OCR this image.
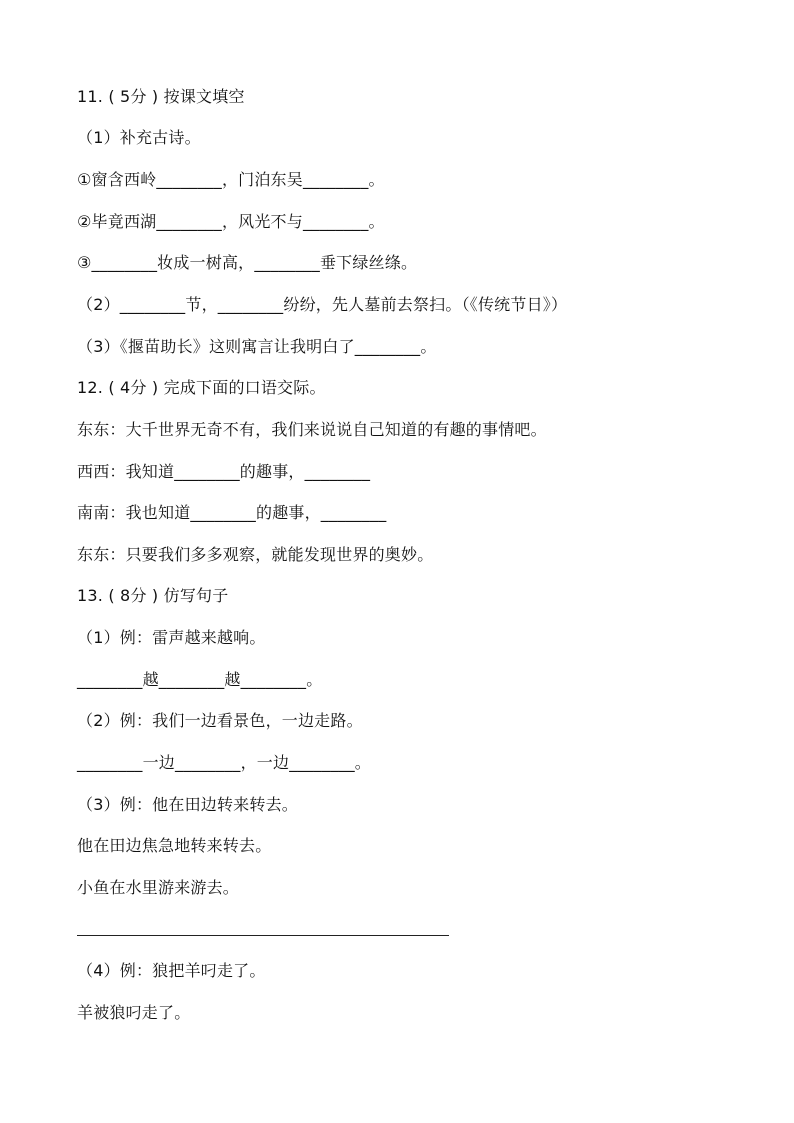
11. ( 5分 ) 按课文填空
（1）补充古诗。
①窗含西岭________，门泊东吴________。
②毕竟西湖________，风光不与________。
③________妆成一树高，________垂下绿丝绦。
（2）________节，________纷纷，先人墓前去祭扫。（《传统节日》）
（3）《揠苗助长》这则寓言让我明白了________。
12. ( 4分 ) 完成下面的口语交际。
东东：大千世界无奇不有，我们来说说自己知道的有趣的事情吧。
西西：我知道________的趣事，________
南南：我也知道________的趣事，________
东东：只要我们多多观察，就能发现世界的奥妙。
13. ( 8分 ) 仿写句子
（1）例：雷声越来越响。
________越________越________。
（2）例：我们一边看景色，一边走路。
________一边________，一边________。
（3）例：他在田边转来转去。
他在田边焦急地转来转去。
小鱼在水里游来游去。
（4）例：狼把羊叼走了。
羊被狼叼走了。
